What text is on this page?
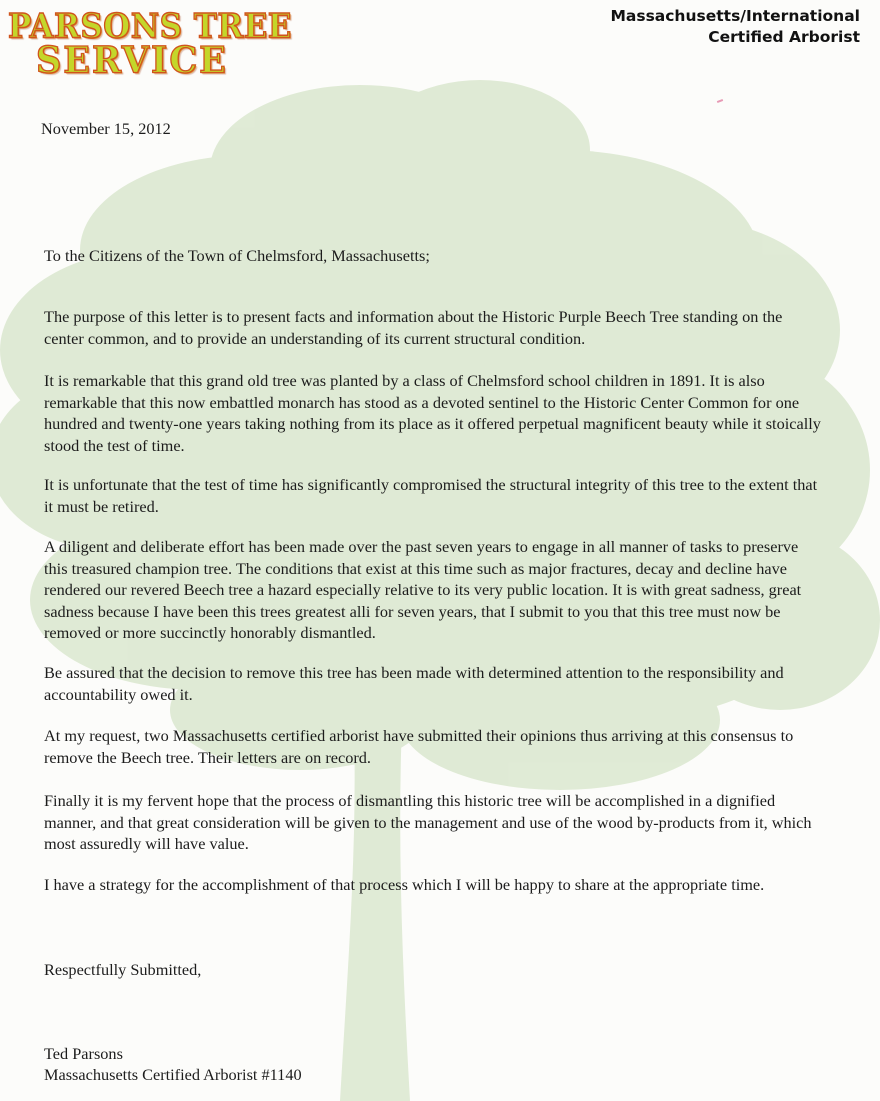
PARSONS TREE
SERVICE
Massachusetts/International
Certified Arborist

November 15, 2012

To the Citizens of the Town of Chelmsford, Massachusetts;

The purpose of this letter is to present facts and information about the Historic Purple Beech Tree standing on the center common, and to provide an understanding of its current structural condition.

It is remarkable that this grand old tree was planted by a class of Chelmsford school children in 1891. It is also remarkable that this now embattled monarch has stood as a devoted sentinel to the Historic Center Common for one hundred and twenty-one years taking nothing from its place as it offered perpetual magnificent beauty while it stoically stood the test of time.

It is unfortunate that the test of time has significantly compromised the structural integrity of this tree to the extent that it must be retired.

A diligent and deliberate effort has been made over the past seven years to engage in all manner of tasks to preserve this treasured champion tree. The conditions that exist at this time such as major fractures, decay and decline have rendered our revered Beech tree a hazard especially relative to its very public location. It is with great sadness, great sadness because I have been this trees greatest alli for seven years, that I submit to you that this tree must now be removed or more succinctly honorably dismantled.

Be assured that the decision to remove this tree has been made with determined attention to the responsibility and accountability owed it.

At my request, two Massachusetts certified arborist have submitted their opinions thus arriving at this consensus to remove the Beech tree. Their letters are on record.

Finally it is my fervent hope that the process of dismantling this historic tree will be accomplished in a dignified manner, and that great consideration will be given to the management and use of the wood by-products from it, which most assuredly will have value.

I have a strategy for the accomplishment of that process which I will be happy to share at the appropriate time.

Respectfully Submitted,

Ted Parsons

Massachusetts Certified Arborist #1140
